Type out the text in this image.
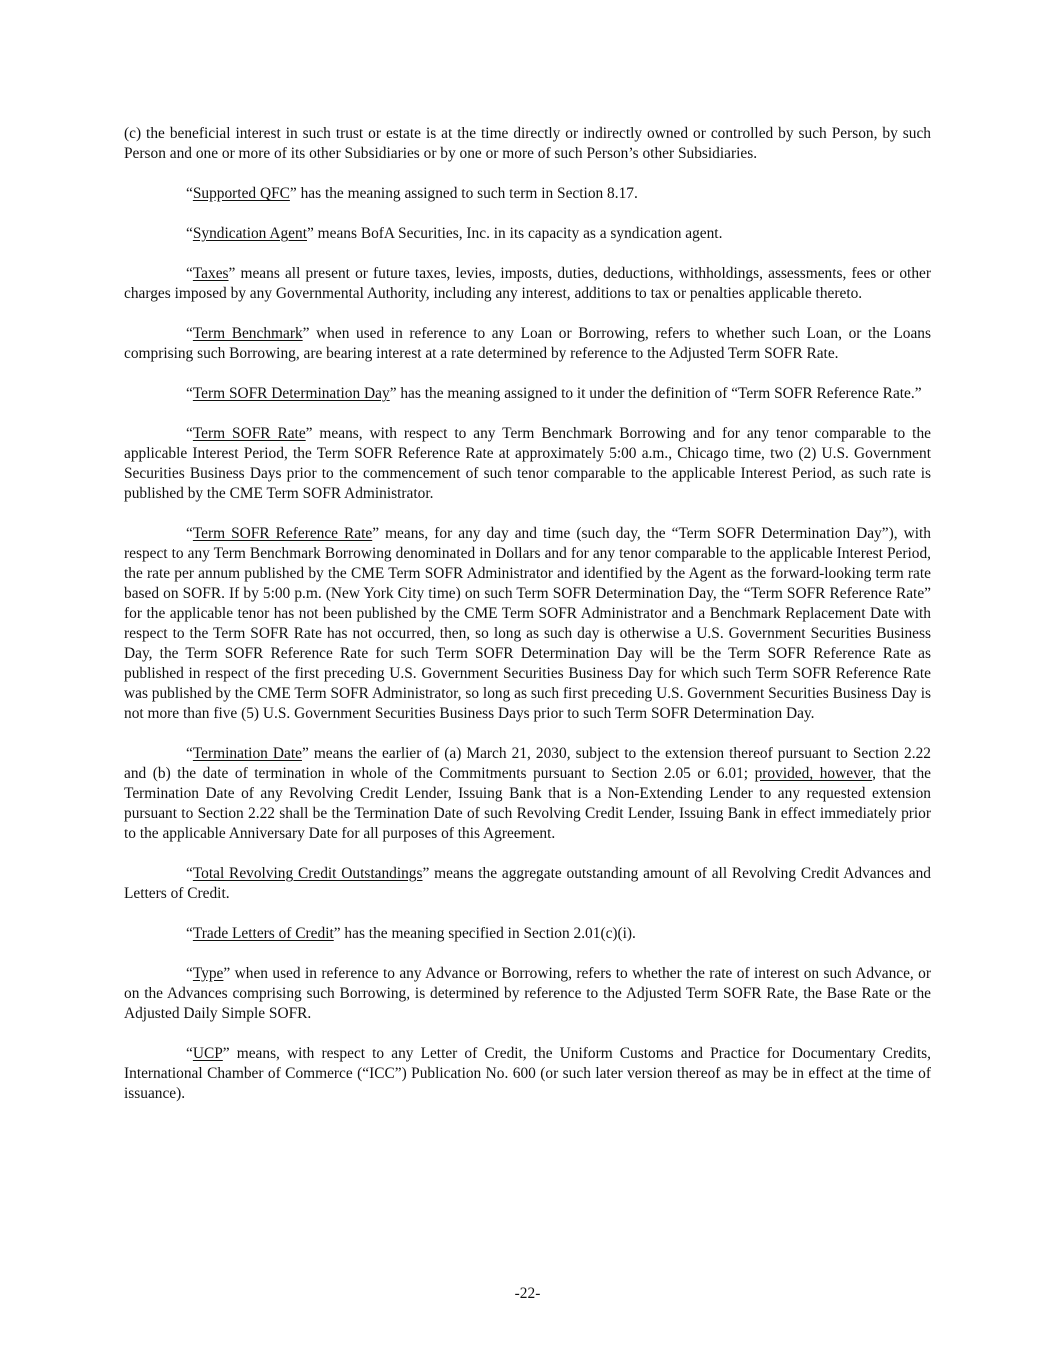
(c) the beneficial interest in such trust or estate is at the time directly or indirectly owned or controlled by such Person, by such Person and one or more of its other Subsidiaries or by one or more of such Person’s other Subsidiaries.

“Supported QFC” has the meaning assigned to such term in Section 8.17.

“Syndication Agent” means BofA Securities, Inc. in its capacity as a syndication agent.

“Taxes” means all present or future taxes, levies, imposts, duties, deductions, withholdings, assessments, fees or other charges imposed by any Governmental Authority, including any interest, additions to tax or penalties applicable thereto.

“Term Benchmark” when used in reference to any Loan or Borrowing, refers to whether such Loan, or the Loans comprising such Borrowing, are bearing interest at a rate determined by reference to the Adjusted Term SOFR Rate.

“Term SOFR Determination Day” has the meaning assigned to it under the definition of “Term SOFR Reference Rate.”

“Term SOFR Rate” means, with respect to any Term Benchmark Borrowing and for any tenor comparable to the applicable Interest Period, the Term SOFR Reference Rate at approximately 5:00 a.m., Chicago time, two (2) U.S. Government Securities Business Days prior to the commencement of such tenor comparable to the applicable Interest Period, as such rate is published by the CME Term SOFR Administrator.

“Term SOFR Reference Rate” means, for any day and time (such day, the “Term SOFR Determination Day”), with respect to any Term Benchmark Borrowing denominated in Dollars and for any tenor comparable to the applicable Interest Period, the rate per annum published by the CME Term SOFR Administrator and identified by the Agent as the forward-looking term rate based on SOFR. If by 5:00 p.m. (New York City time) on such Term SOFR Determination Day, the “Term SOFR Reference Rate” for the applicable tenor has not been published by the CME Term SOFR Administrator and a Benchmark Replacement Date with respect to the Term SOFR Rate has not occurred, then, so long as such day is otherwise a U.S. Government Securities Business Day, the Term SOFR Reference Rate for such Term SOFR Determination Day will be the Term SOFR Reference Rate as published in respect of the first preceding U.S. Government Securities Business Day for which such Term SOFR Reference Rate was published by the CME Term SOFR Administrator, so long as such first preceding U.S. Government Securities Business Day is not more than five (5) U.S. Government Securities Business Days prior to such Term SOFR Determination Day.

“Termination Date” means the earlier of (a) March 21, 2030, subject to the extension thereof pursuant to Section 2.22 and (b) the date of termination in whole of the Commitments pursuant to Section 2.05 or 6.01; provided, however, that the Termination Date of any Revolving Credit Lender, Issuing Bank that is a Non-Extending Lender to any requested extension pursuant to Section 2.22 shall be the Termination Date of such Revolving Credit Lender, Issuing Bank in effect immediately prior to the applicable Anniversary Date for all purposes of this Agreement.

“Total Revolving Credit Outstandings” means the aggregate outstanding amount of all Revolving Credit Advances and Letters of Credit.

“Trade Letters of Credit” has the meaning specified in Section 2.01(c)(i).

“Type” when used in reference to any Advance or Borrowing, refers to whether the rate of interest on such Advance, or on the Advances comprising such Borrowing, is determined by reference to the Adjusted Term SOFR Rate, the Base Rate or the Adjusted Daily Simple SOFR.

“UCP” means, with respect to any Letter of Credit, the Uniform Customs and Practice for Documentary Credits, International Chamber of Commerce (“ICC”) Publication No. 600 (or such later version thereof as may be in effect at the time of issuance).

-22-
